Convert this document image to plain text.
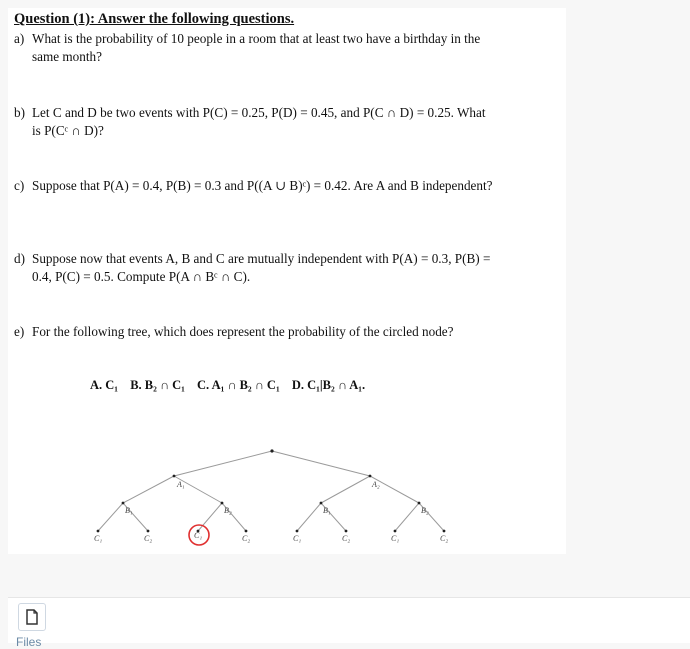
Question (1): Answer the following questions.
a) What is the probability of 10 people in a room that at least two have a birthday in the same month?
b) Let C and D be two events with P(C) = 0.25, P(D) = 0.45, and P(C ∩ D) = 0.25. What is P(Cᶜ ∩ D)?
c) Suppose that P(A) = 0.4, P(B) = 0.3 and P((A ∪ B)ᶜ) = 0.42. Are A and B independent?
d) Suppose now that events A, B and C are mutually independent with P(A) = 0.3, P(B) = 0.4, P(C) = 0.5. Compute P(A ∩ Bᶜ ∩ C).
e) For the following tree, which does represent the probability of the circled node?
A. C₁ B. B₂ ∩ C₁ C. A₁ ∩ B₂ ∩ C₁ D. C₁|B₂ ∩ A₁.
A₁	A₂
B₁	B₂	B₁	B₂
C₁	C₂	C₁	C₂	C₁	C₂	C₁	C₂
Files
